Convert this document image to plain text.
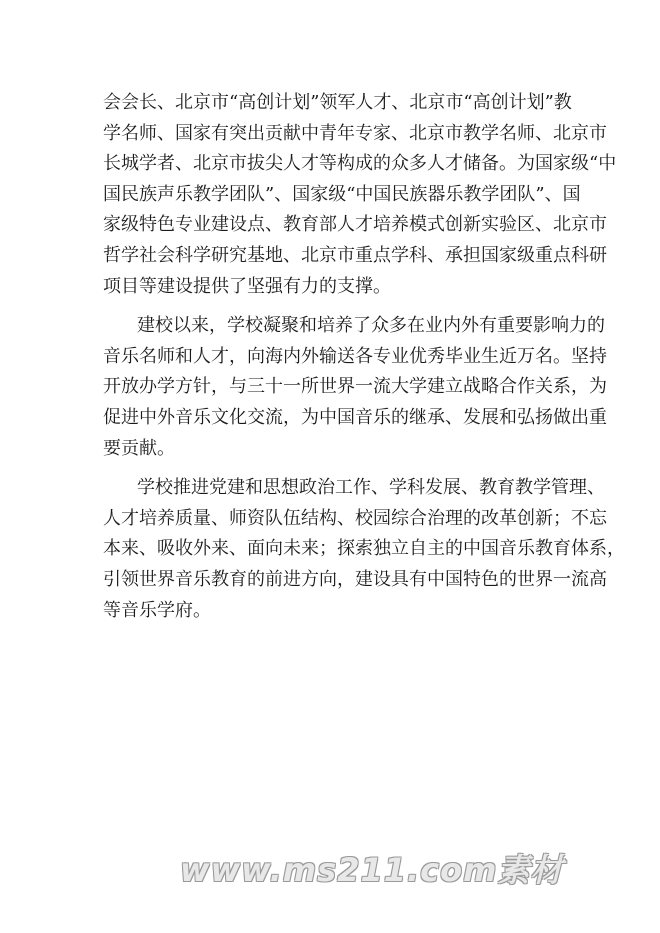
会会长、北京市“高创计划”领军人才、北京市“高创计划”教
学名师、国家有突出贡献中青年专家、北京市教学名师、北京市
长城学者、北京市拔尖人才等构成的众多人才储备。为国家级“中
国民族声乐教学团队”、国家级“中国民族器乐教学团队”、国
家级特色专业建设点、教育部人才培养模式创新实验区、北京市
哲学社会科学研究基地、北京市重点学科、承担国家级重点科研
项目等建设提供了坚强有力的支撑。
建校以来，学校凝聚和培养了众多在业内外有重要影响力的
音乐名师和人才，向海内外输送各专业优秀毕业生近万名。坚持
开放办学方针，与三十一所世界一流大学建立战略合作关系，为
促进中外音乐文化交流，为中国音乐的继承、发展和弘扬做出重
要贡献。
学校推进党建和思想政治工作、学科发展、教育教学管理、
人才培养质量、师资队伍结构、校园综合治理的改革创新；不忘
本来、吸收外来、面向未来；探索独立自主的中国音乐教育体系，
引领世界音乐教育的前进方向，建设具有中国特色的世界一流高
等音乐学府。
www.ms211.com素材
